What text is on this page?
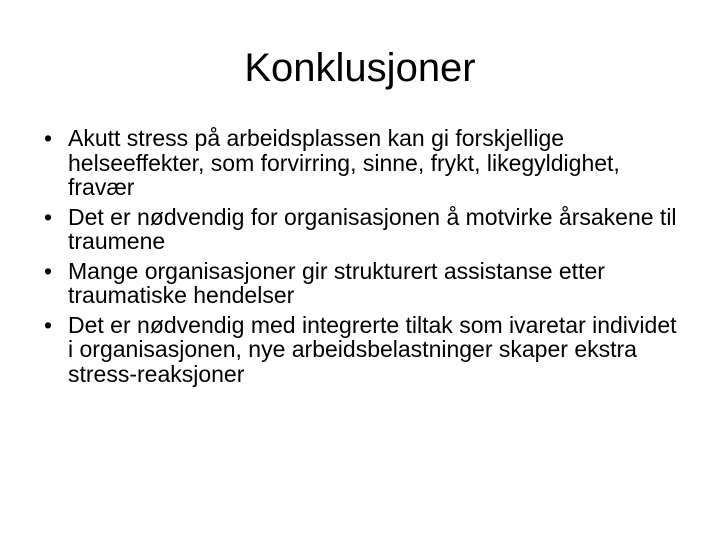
Konklusjoner
• Akutt stress på arbeidsplassen kan gi forskjellige helseeffekter, som forvirring, sinne, frykt, likegyldighet, fravær
• Det er nødvendig for organisasjonen å motvirke årsakene til traumene
• Mange organisasjoner gir strukturert assistanse etter traumatiske hendelser
• Det er nødvendig med integrerte tiltak som ivaretar individet i organisasjonen, nye arbeidsbelastninger skaper ekstra stress-reaksjoner
